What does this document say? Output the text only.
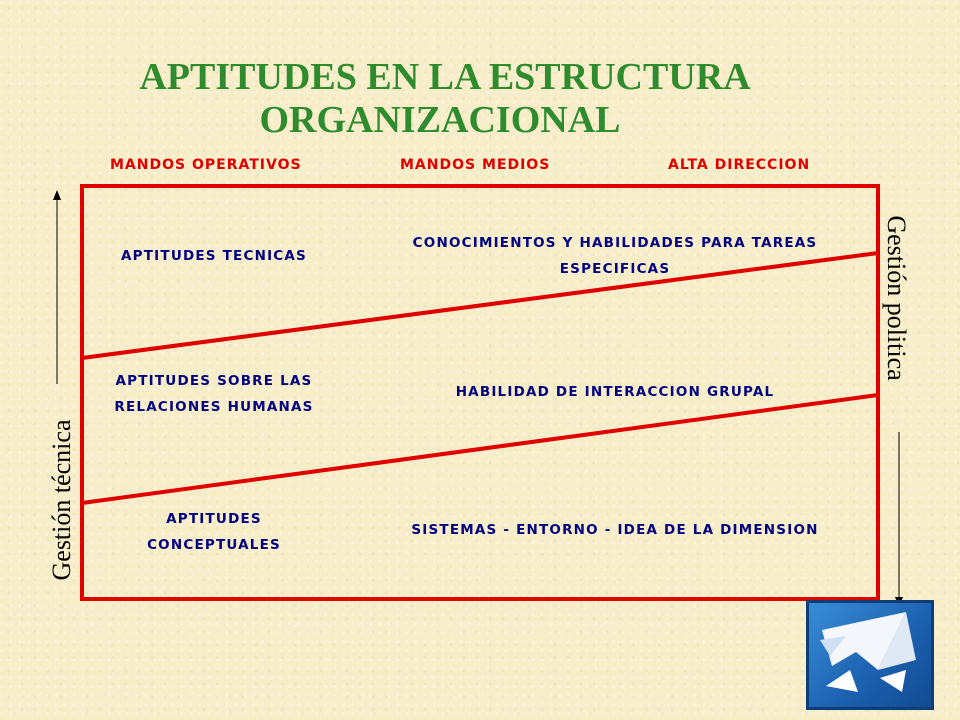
APTITUDES EN LA ESTRUCTURA
ORGANIZACIONAL
MANDOS OPERATIVOS	MANDOS MEDIOS	ALTA DIRECCION
APTITUDES TECNICAS
CONOCIMIENTOS Y HABILIDADES PARA TAREAS
ESPECIFICAS
APTITUDES SOBRE LAS
RELACIONES HUMANAS
HABILIDAD DE INTERACCION GRUPAL
APTITUDES
CONCEPTUALES
SISTEMAS - ENTORNO - IDEA DE LA DIMENSION
Gestión técnica
Gestión politica
